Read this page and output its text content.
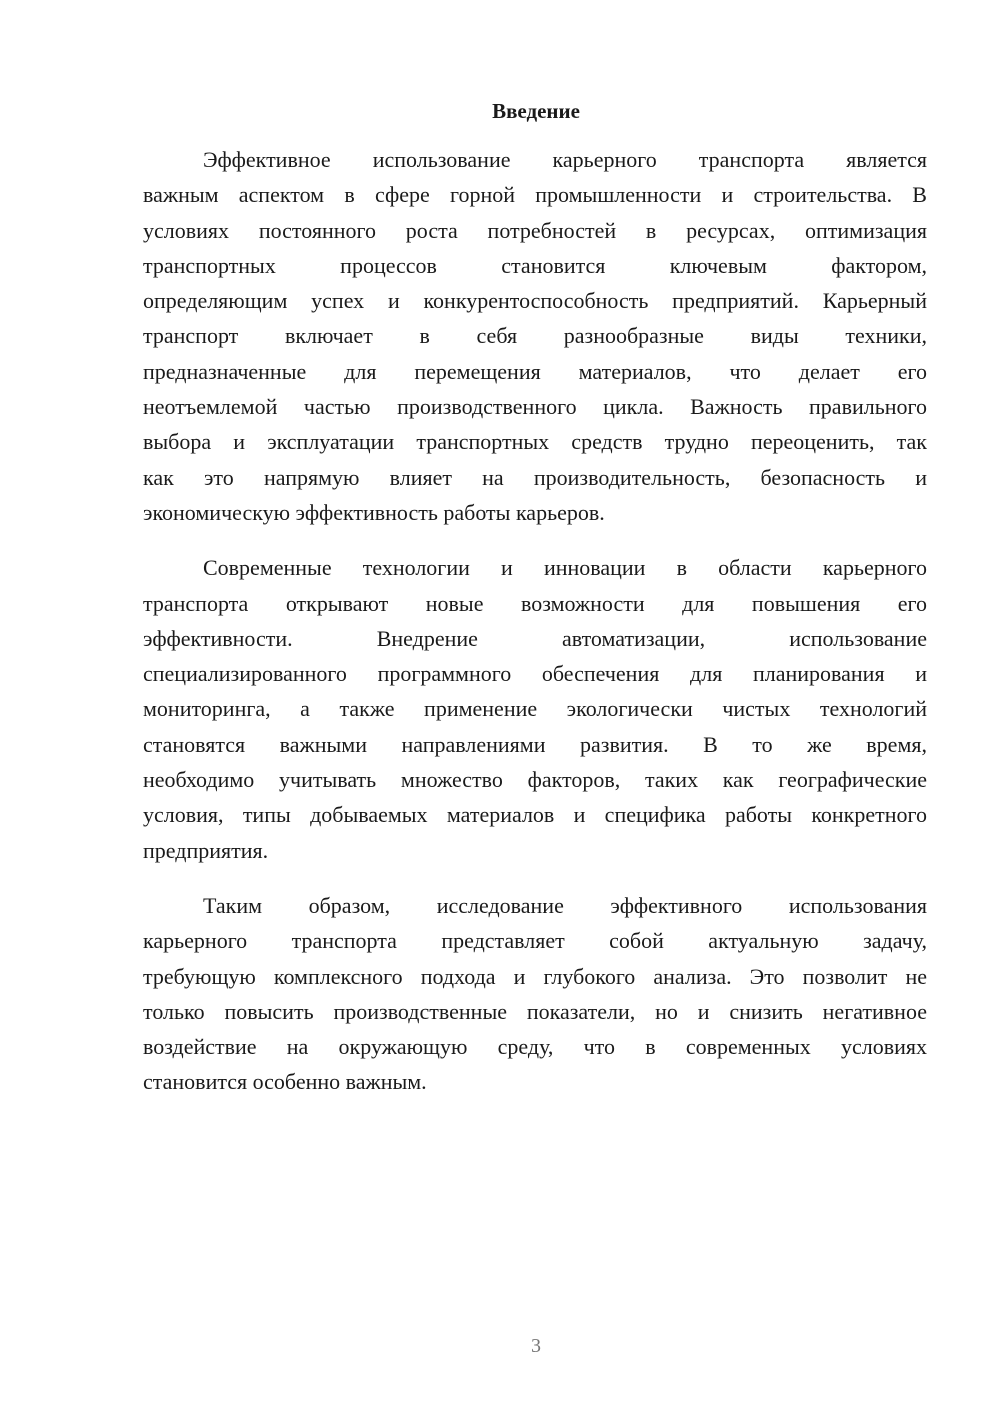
Введение
Эффективное использование карьерного транспорта является
важным аспектом в сфере горной промышленности и строительства. В
условиях постоянного роста потребностей в ресурсах, оптимизация
транспортных процессов становится ключевым фактором,
определяющим успех и конкурентоспособность предприятий. Карьерный
транспорт включает в себя разнообразные виды техники,
предназначенные для перемещения материалов, что делает его
неотъемлемой частью производственного цикла. Важность правильного
выбора и эксплуатации транспортных средств трудно переоценить, так
как это напрямую влияет на производительность, безопасность и
экономическую эффективность работы карьеров.
Современные технологии и инновации в области карьерного
транспорта открывают новые возможности для повышения его
эффективности. Внедрение автоматизации, использование
специализированного программного обеспечения для планирования и
мониторинга, а также применение экологически чистых технологий
становятся важными направлениями развития. В то же время,
необходимо учитывать множество факторов, таких как географические
условия, типы добываемых материалов и специфика работы конкретного
предприятия.
Таким образом, исследование эффективного использования
карьерного транспорта представляет собой актуальную задачу,
требующую комплексного подхода и глубокого анализа. Это позволит не
только повысить производственные показатели, но и снизить негативное
воздействие на окружающую среду, что в современных условиях
становится особенно важным.
3
